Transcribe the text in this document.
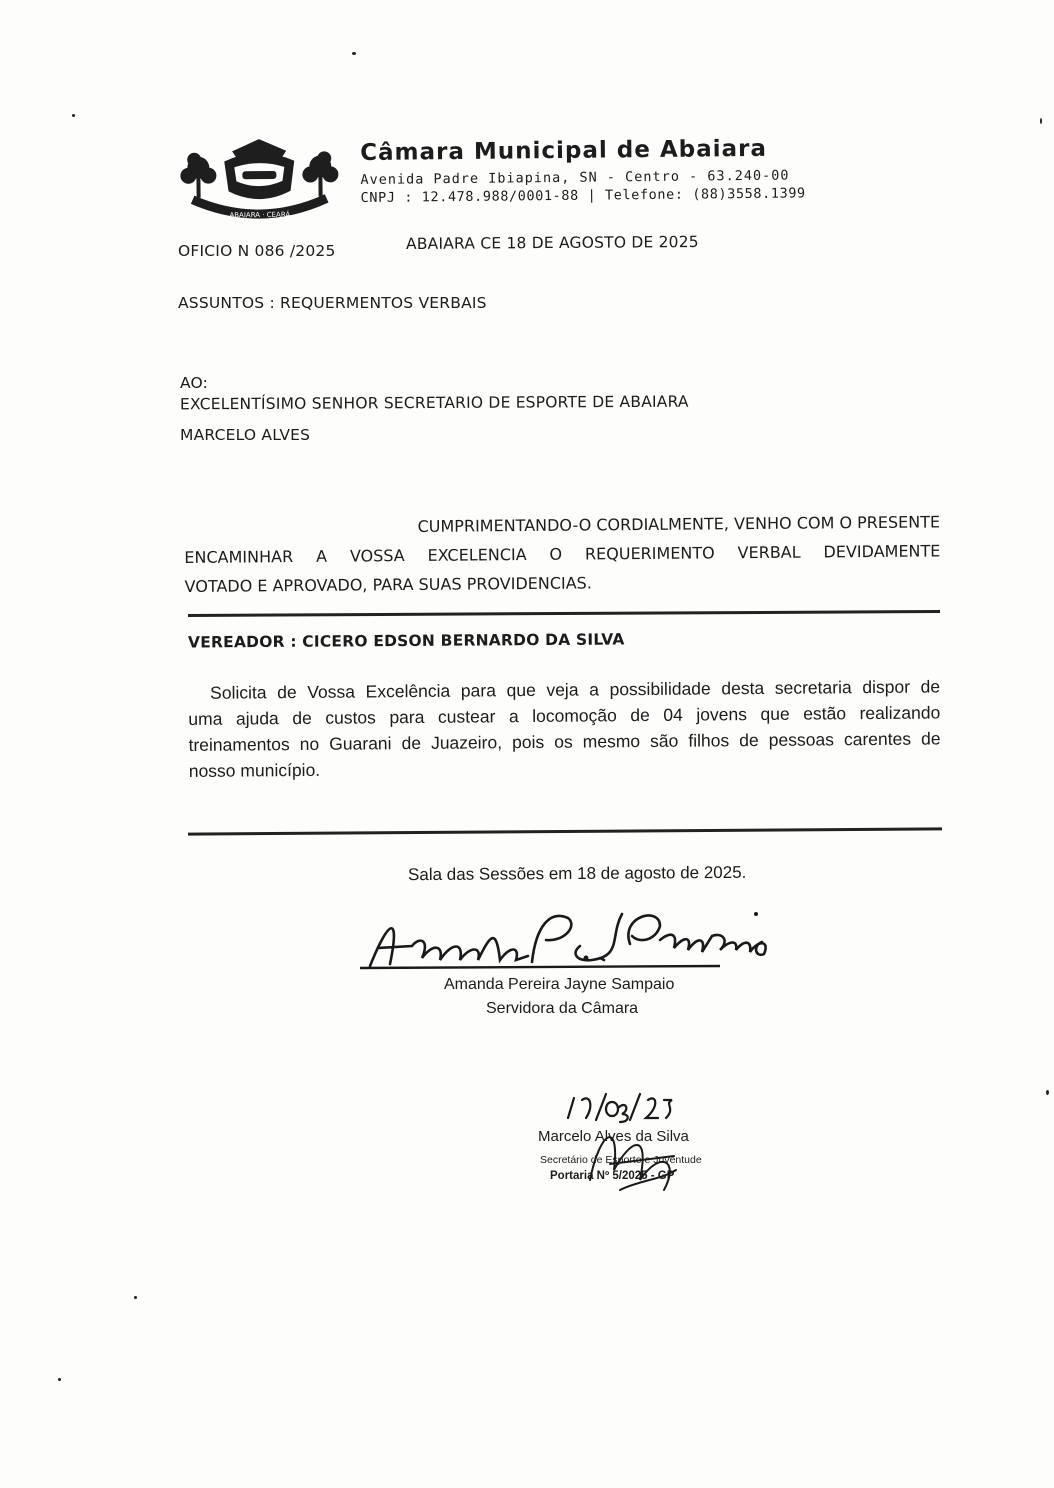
ABAIARA · CEARÁ
Câmara Municipal de Abaiara
Avenida Padre Ibiapina, SN - Centro - 63.240-00
CNPJ : 12.478.988/0001-88 | Telefone: (88)3558.1399
OFICIO N 086 /2025	ABAIARA CE 18 DE AGOSTO DE 2025
ASSUNTOS : REQUERMENTOS VERBAIS
AO:
EXCELENTÍSIMO SENHOR SECRETARIO DE ESPORTE DE ABAIARA
MARCELO ALVES

CUMPRIMENTANDO-O CORDIALMENTE, VENHO COM O PRESENTE

ENCAMINHAR A VOSSA EXCELENCIA O REQUERIMENTO VERBAL DEVIDAMENTE

VOTADO E APROVADO, PARA SUAS PROVIDENCIAS.

VEREADOR : CICERO EDSON BERNARDO DA SILVA

Solicita de Vossa Excelência para que veja a possibilidade desta secretaria dispor de

uma ajuda de custos para custear a locomoção de 04 jovens que estão realizando

treinamentos no Guarani de Juazeiro, pois os mesmo são filhos de pessoas carentes de

nosso município.

Sala das Sessões em 18 de agosto de 2025.
Amanda Pereira Jayne Sampaio
Servidora da Câmara
Marcelo Alves da Silva
Secretário de Esporte e Juventude
Portaria Nº 5/2025 - GP
